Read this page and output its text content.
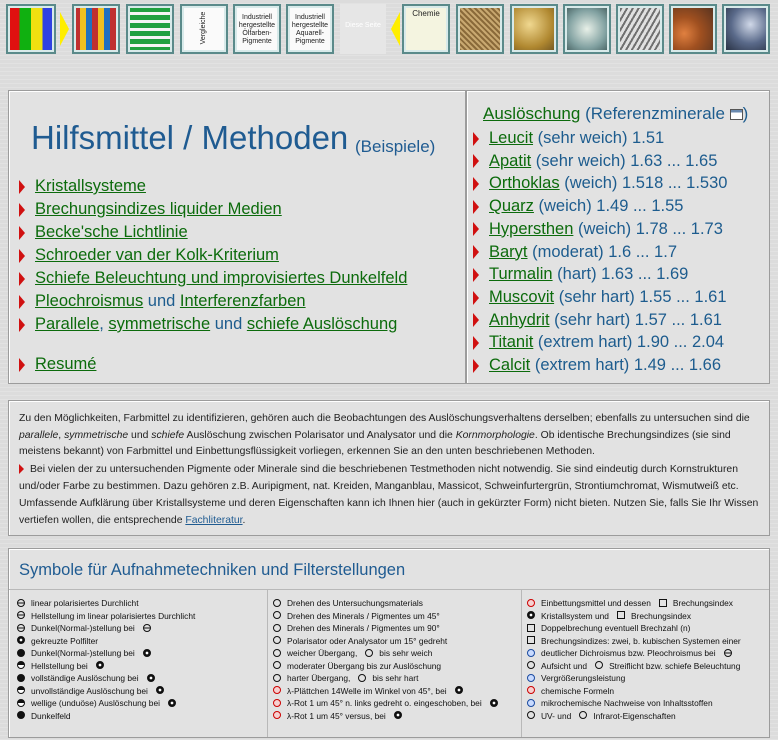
Vergleiche	Industriell hergestellte Ölfarben-Pigmente
Industriell hergestellte Aquarell-Pigmente
Diese Seite
Chemie
Hilfsmittel / Methoden (Beispiele)
Kristallsysteme
Brechungsindizes liquider Medien
Becke'sche Lichtlinie
Schroeder van der Kolk-Kriterium
Schiefe Beleuchtung und improvisiertes Dunkelfeld
Pleochroismus und Interferenzfarben
Parallele, symmetrische und schiefe Auslöschung
Resumé
Auslöschung (Referenzminerale )
Leucit (sehr weich) 1.51
Apatit (sehr weich) 1.63 ... 1.65
Orthoklas (weich) 1.518 ... 1.530
Quarz (weich) 1.49 ... 1.55
Hypersthen (weich) 1.78 ... 1.73
Baryt (moderat) 1.6 ... 1.7
Turmalin (hart) 1.63 ... 1.69
Muscovit (sehr hart) 1.55 ... 1.61
Anhydrit (sehr hart) 1.57 ... 1.61
Titanit (extrem hart) 1.90 ... 2.04
Calcit (extrem hart) 1.49 ... 1.66
Zu den Möglichkeiten, Farbmittel zu identifizieren, gehören auch die Beobachtungen des Auslöschungsverhaltens derselben; ebenfalls zu untersuchen sind die parallele, symmetrische und schiefe Auslöschung zwischen Polarisator und Analysator und die Kornmorphologie. Ob identische Brechungsindizes (sie sind meistens bekannt) von Farbmittel und Einbettungsflüssigkeit vorliegen, erkennen Sie an den unten beschriebenen Methoden.
Bei vielen der zu untersuchenden Pigmente oder Minerale sind die beschriebenen Testmethoden nicht notwendig. Sie sind eindeutig durch Kornstrukturen und/oder Farbe zu bestimmen. Dazu gehören z.B. Auripigment, nat. Kreiden, Manganblau, Massicot, Schweinfurtergrün, Strontiumchromat, Wismutweiß etc.
Umfassende Aufklärung über Kristallsysteme und deren Eigenschaften kann ich Ihnen hier (auch in gekürzter Form) nicht bieten. Nutzen Sie, falls Sie Ihr Wissen vertiefen wollen, die entsprechende Fachliteratur.
Symbole für Aufnahmetechniken und Filterstellungen
linear polarisiertes Durchlicht
Hellstellung im linear polarisiertes Durchlicht
Dunkel(Normal-)stellung bei
gekreuzte Polfilter
Dunkel(Normal-)stellung bei
Hellstellung bei
vollständige Auslöschung bei
unvollständige Auslöschung bei
wellige (unduöse) Auslöschung bei
Dunkelfeld
Drehen des Untersuchungsmaterials
Drehen des Minerals / Pigmentes um 45°
Drehen des Minerals / Pigmentes um 90°
Polarisator oder Analysator um 15° gedreht
weicher Übergang,	bis sehr weich
moderater Übergang bis zur Auslöschung
harter Übergang,	bis sehr hart
λ-Plättchen 14Welle im Winkel von 45°, bei
λ-Rot 1 um 45° n. links gedreht o. eingeschoben, bei
λ-Rot 1 um 45° versus, bei
Einbettungsmittel und dessen	Brechungsindex
Kristallsystem und	Brechungsindex
Doppelbrechung eventuell Brechzahl (n)
Brechungsindizes: zwei, b. kubischen Systemen einer
deutlicher Dichroismus bzw. Pleochroismus bei
Aufsicht und	Streiflicht bzw. schiefe Beleuchtung
Vergrößerungsleistung
chemische Formeln
mikrochemische Nachweise von Inhaltsstoffen
UV- und	Infrarot-Eigenschaften
